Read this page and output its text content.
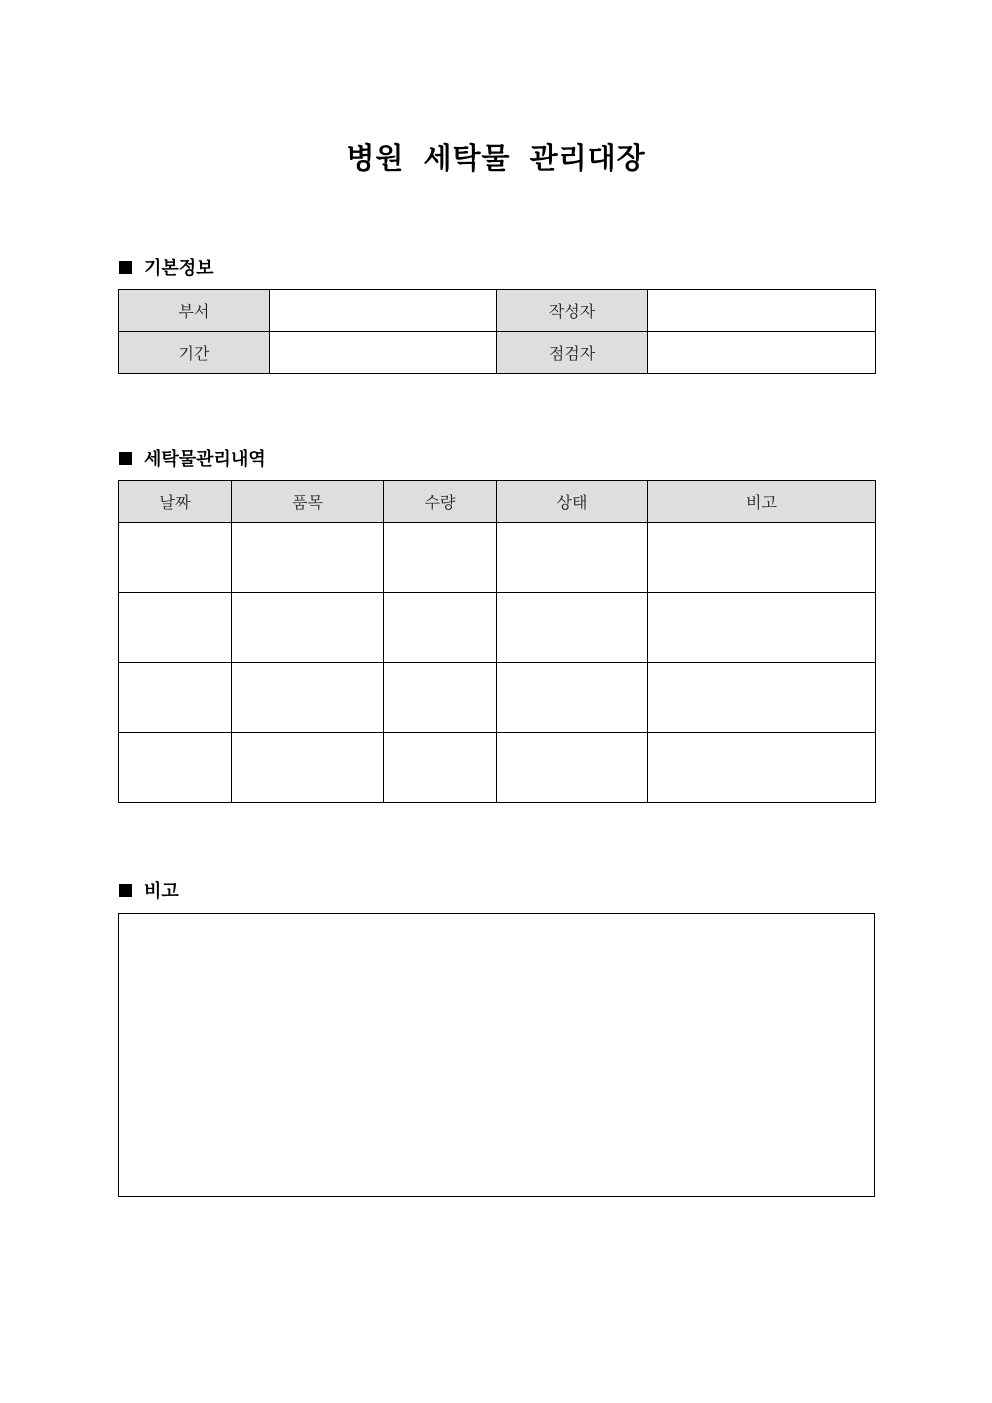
병원 세탁물 관리대장
기본정보
부서		작성자	
기간		점검자	
세탁물관리내역
날짜	품목	수량	상태	비고

비고
